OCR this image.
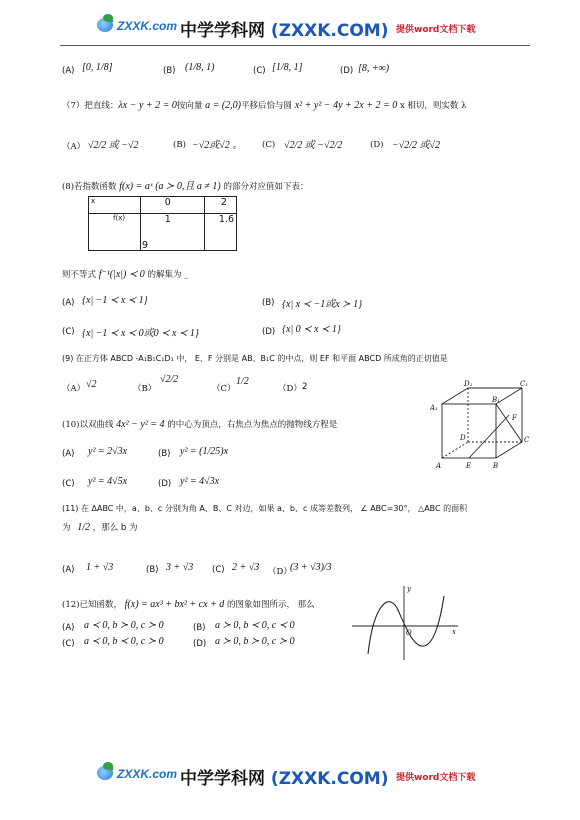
ZXXK.com 中学学科网 (ZXXK.COM) 提供word文档下载
(A) [0, 1/8]	(B) (1/8, 1)	(C) [1/8, 1]	(D) [8, +∞)
（7）把直线：λx − y + 2 = 0按向量 a = (2,0)平移后恰与圆 x² + y² − 4y + 2x + 2 = 0 x 相切，则实数 λ
（A） √2/2 或 −√2	(B) −√2或√2 。 (C) √2/2 或 −√2/2	(D) −√2/2 或√2
(8)若指数函数 f(x) = aˣ (a ≻ 0,且 a ≠ 1) 的部分对应值如下表：
x	0	2
f(x)	1	1.6
9
则不等式 f⁻¹(|x|) ≺ 0 的解集为 _
(A) {x| −1 ≺ x ≺ 1}	(B) {x| x ≺ −1或x ≻ 1}
(C) {x| −1 ≺ x ≺ 0或0 ≺ x ≺ 1}	(D) {x| 0 ≺ x ≺ 1}
(9) 在正方体 ABCD -A₁B₁C₁D₁ 中， E、F 分别是 AB、B₁C 的中点，则 EF 和平面 ABCD 所成角的正切值是
（A） √2	（B）
√2/2
（C）
1/2
（D） 2	D₁	C₁
A₁
B₁
F
D	C
A	E	B
(10)以双曲线 4x² − y² = 4 的中心为顶点，右焦点为焦点的抛物线方程是
(A) y² = 2√3x	(B) y² = (1/25)x
(C) y² = 4√5x	(D) y² = 4√3x
(11) 在 ΔABC 中，a、b、c 分别为角 A、B、C 对边，如果 a、b、c 成等差数列， ∠ ABC=30°， △ABC 的面积
为 1/2 ，那么 b 为
(A) 1 + √3	(B) 3 + √3 (C) 2 + √3 （D）
(3 + √3)/3
(12)已知函数， f(x) = ax³ + bx² + cx + d 的图象如图所示， 那么
(A) a ≺ 0, b ≻ 0, c ≻ 0	(B) a ≻ 0, b ≺ 0, c ≺ 0
(C) a ≺ 0, b ≺ 0, c ≻ 0	(D) a ≻ 0, b ≻ 0, c ≻ 0
y
O	x
ZXXK.com 中学学科网 (ZXXK.COM) 提供word文档下载
